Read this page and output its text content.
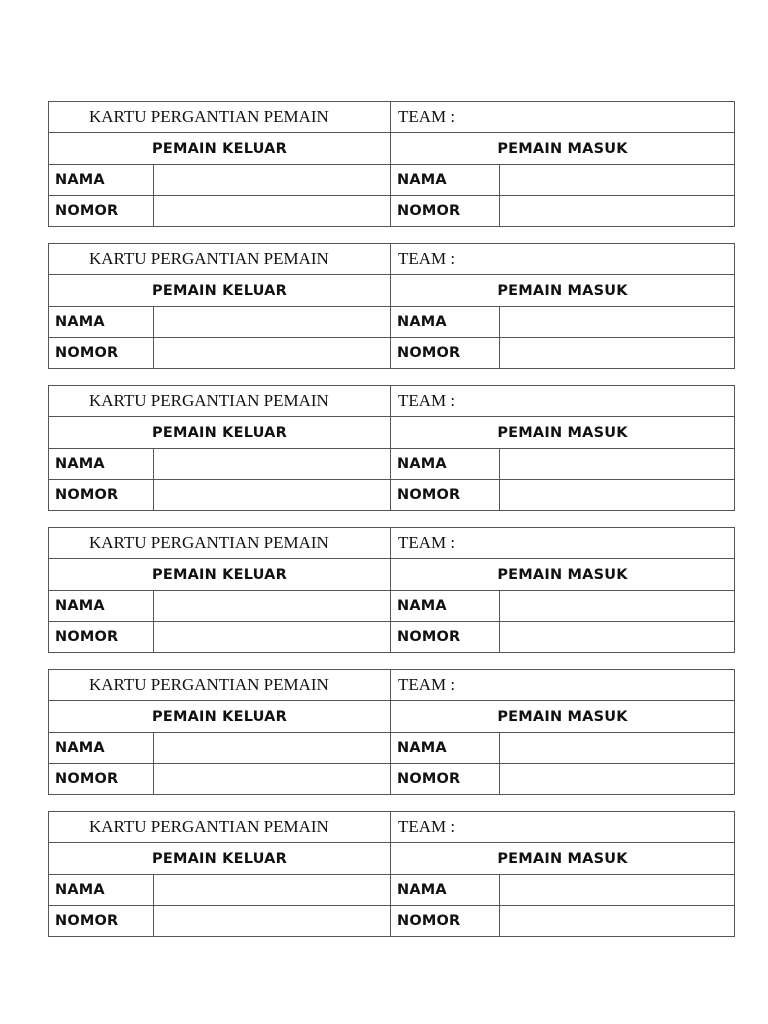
KARTU PERGANTIAN PEMAIN		TEAM :	
PEMAIN KELUAR		PEMAIN MASUK	
NAMA		NAMA	
NOMOR		NOMOR	
KARTU PERGANTIAN PEMAIN		TEAM :	
PEMAIN KELUAR		PEMAIN MASUK	
NAMA		NAMA	
NOMOR		NOMOR	
KARTU PERGANTIAN PEMAIN		TEAM :	
PEMAIN KELUAR		PEMAIN MASUK	
NAMA		NAMA	
NOMOR		NOMOR	
KARTU PERGANTIAN PEMAIN		TEAM :	
PEMAIN KELUAR		PEMAIN MASUK	
NAMA		NAMA	
NOMOR		NOMOR	
KARTU PERGANTIAN PEMAIN		TEAM :	
PEMAIN KELUAR		PEMAIN MASUK	
NAMA		NAMA	
NOMOR		NOMOR	
KARTU PERGANTIAN PEMAIN		TEAM :	
PEMAIN KELUAR		PEMAIN MASUK	
NAMA		NAMA	
NOMOR		NOMOR	
